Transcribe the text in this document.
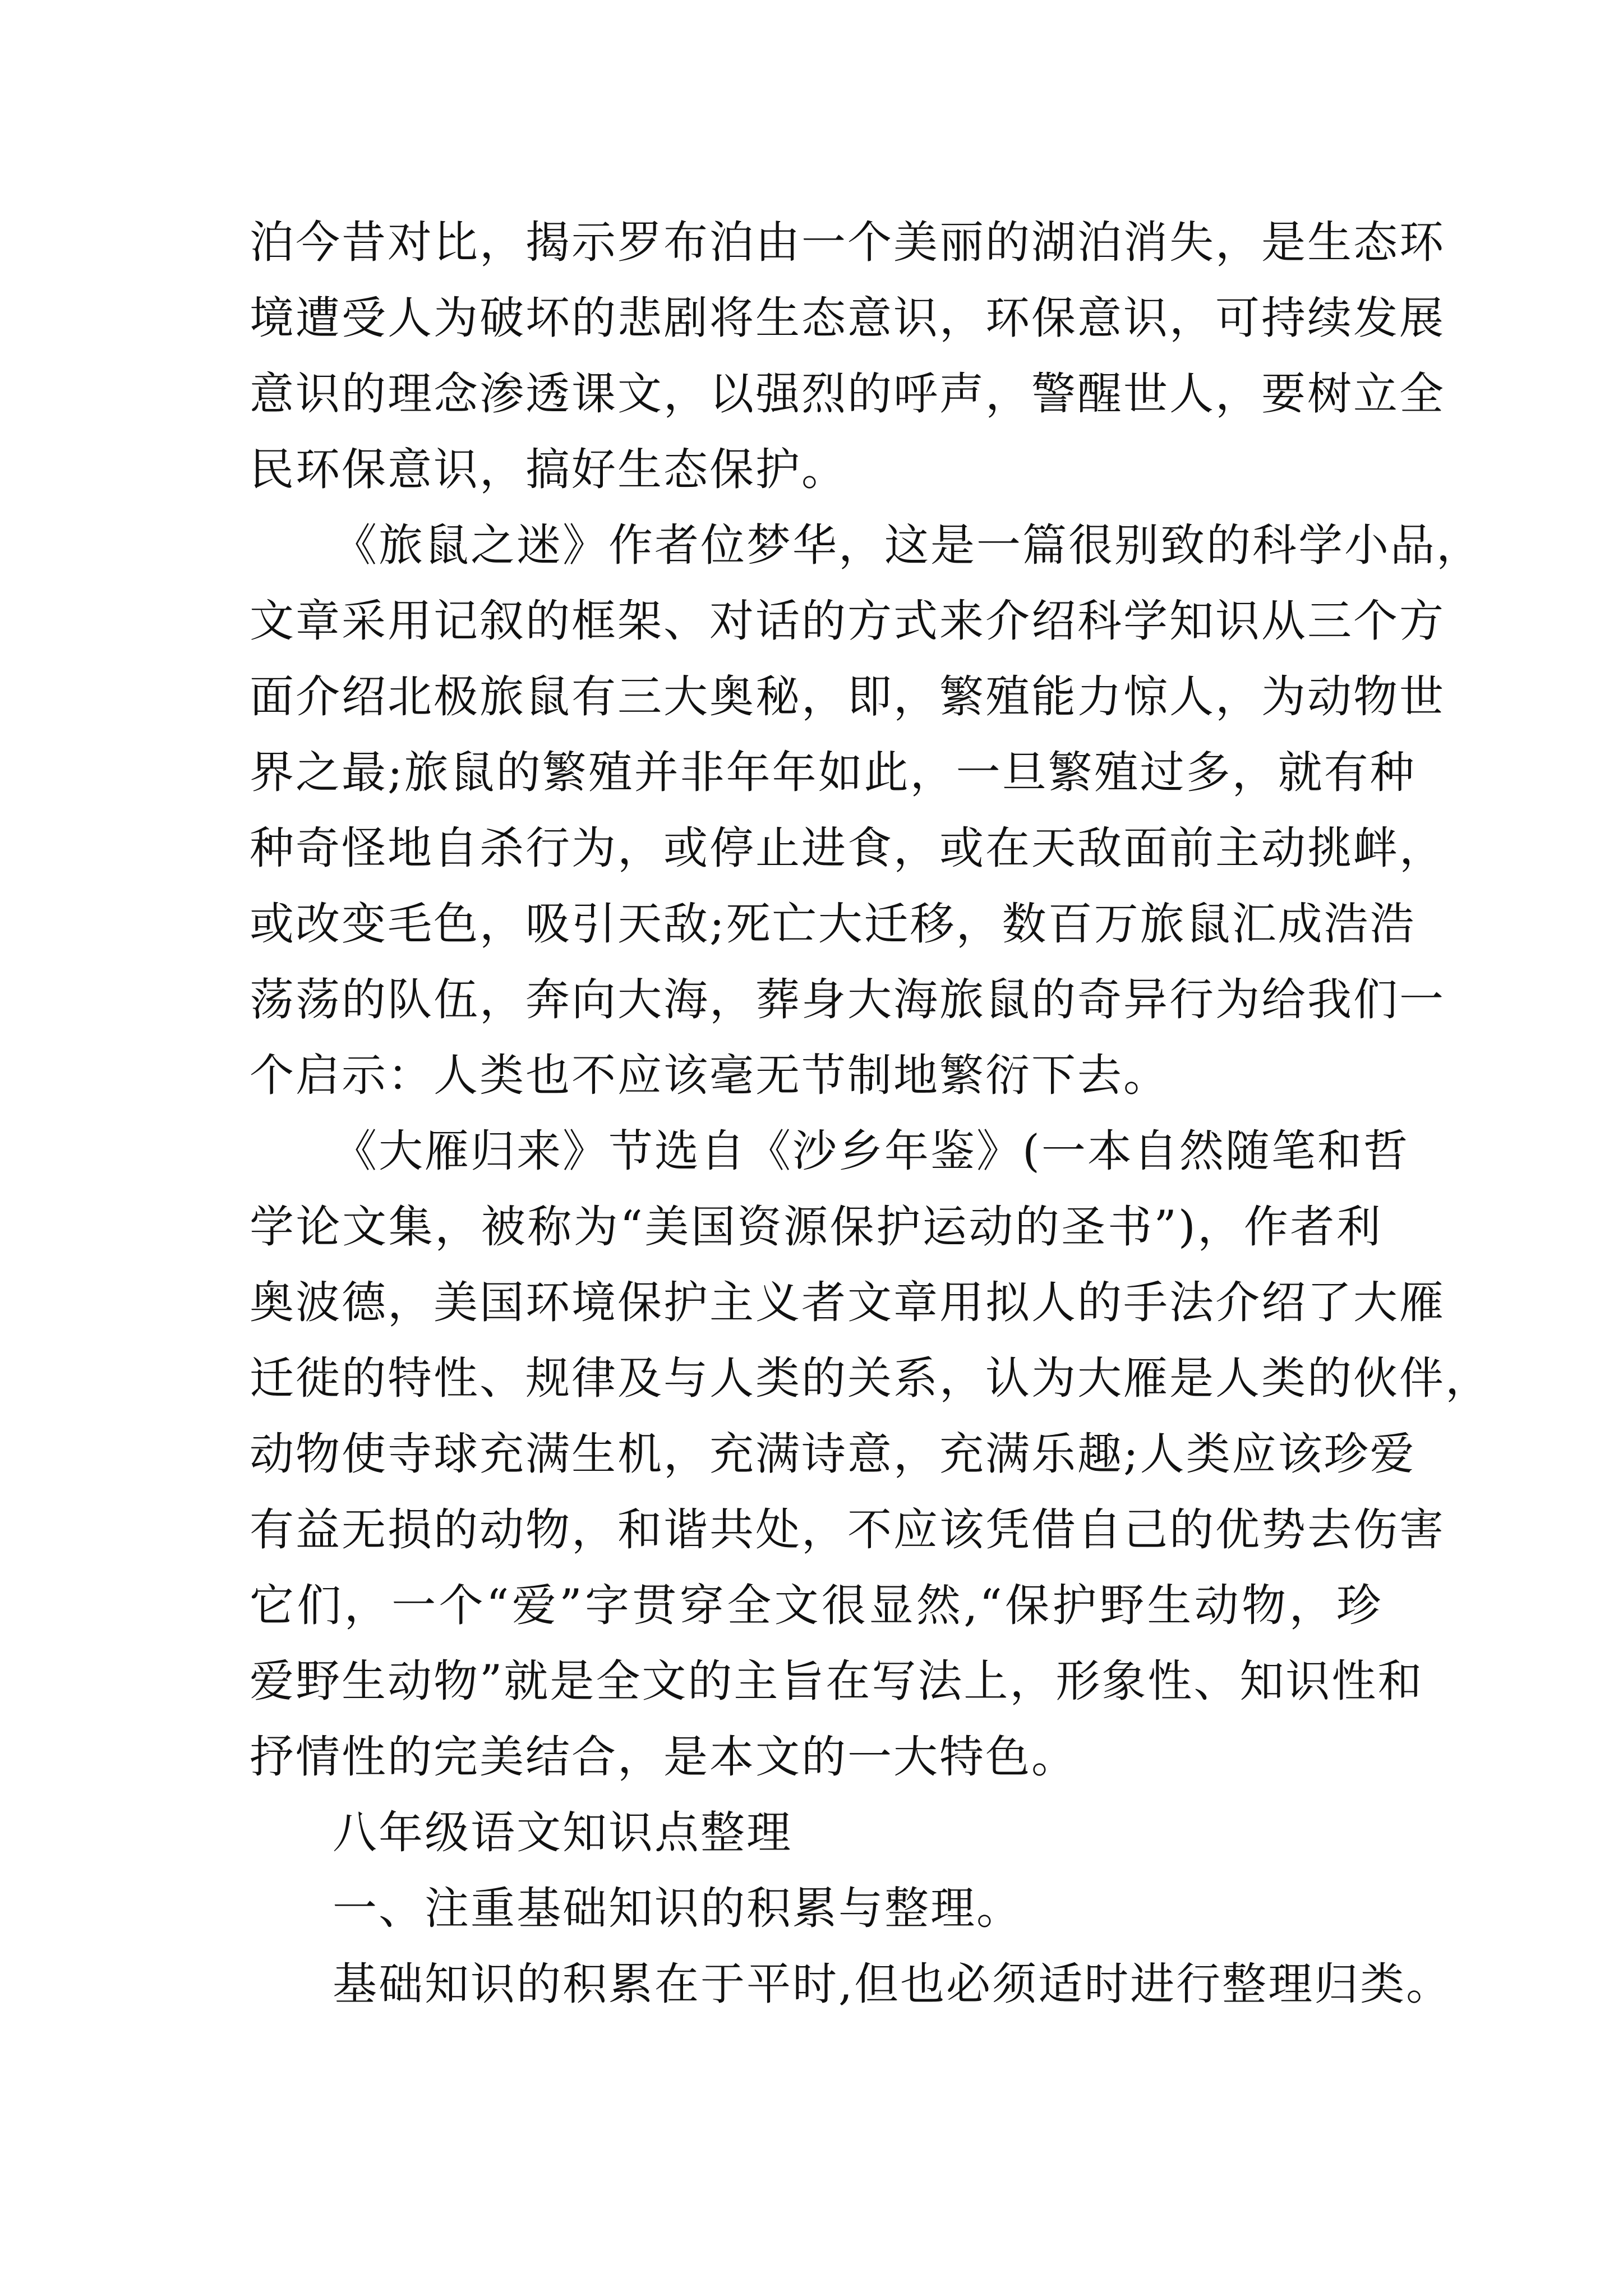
泊今昔对比，揭示罗布泊由一个美丽的湖泊消失，是生态环
境遭受人为破坏的悲剧将生态意识，环保意识，可持续发展
意识的理念渗透课文，以强烈的呼声，警醒世人，要树立全
民环保意识，搞好生态保护。
《旅鼠之迷》作者位梦华，这是一篇很别致的科学小品，
文章采用记叙的框架、对话的方式来介绍科学知识从三个方
面介绍北极旅鼠有三大奥秘，即，繁殖能力惊人，为动物世
界之最;旅鼠的繁殖并非年年如此，一旦繁殖过多，就有种
种奇怪地自杀行为，或停止进食，或在天敌面前主动挑衅，
或改变毛色，吸引天敌;死亡大迁移，数百万旅鼠汇成浩浩
荡荡的队伍，奔向大海，葬身大海旅鼠的奇异行为给我们一
个启示：人类也不应该毫无节制地繁衍下去。
《大雁归来》节选自《沙乡年鉴》(一本自然随笔和哲
学论文集，被称为“美国资源保护运动的圣书”)，作者利
奥波德，美国环境保护主义者文章用拟人的手法介绍了大雁
迁徙的特性、规律及与人类的关系，认为大雁是人类的伙伴，
动物使寺球充满生机，充满诗意，充满乐趣;人类应该珍爱
有益无损的动物，和谐共处，不应该凭借自己的优势去伤害
它们，一个“爱”字贯穿全文很显然,“保护野生动物，珍
爱野生动物”就是全文的主旨在写法上，形象性、知识性和
抒情性的完美结合，是本文的一大特色。
八年级语文知识点整理
一、注重基础知识的积累与整理。
基础知识的积累在于平时,但也必须适时进行整理归类。
